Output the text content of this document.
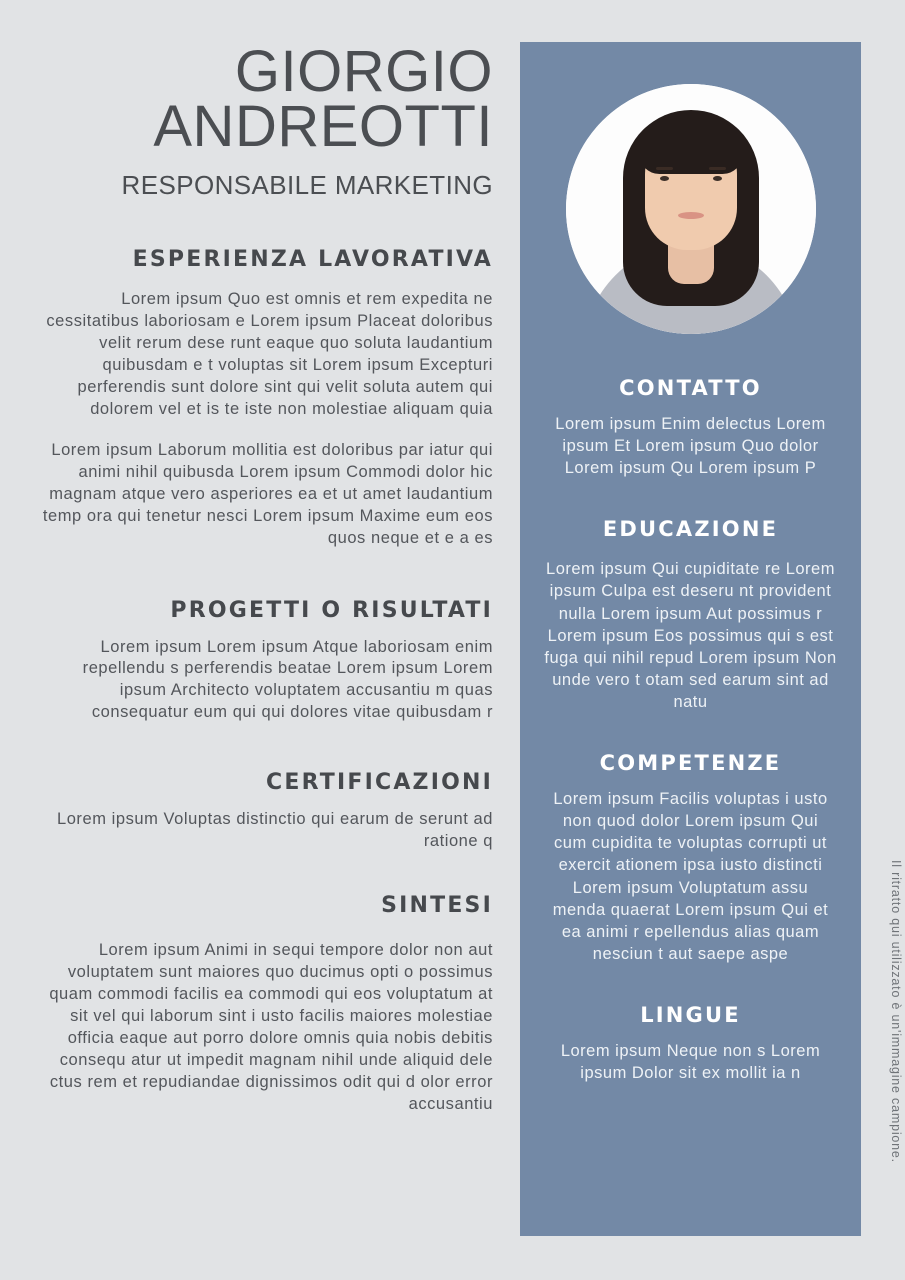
GIORGIO
ANDREOTTI
RESPONSABILE MARKETING
ESPERIENZA LAVORATIVA
Lorem ipsum Quo est omnis et rem expedita ne cessitatibus laboriosam e Lorem ipsum Placeat doloribus velit rerum dese runt eaque quo soluta laudantium quibusdam e t voluptas sit Lorem ipsum Excepturi perferendis sunt dolore sint qui velit soluta autem qui dolorem vel et is te iste non molestiae aliquam quia
Lorem ipsum Laborum mollitia est doloribus par iatur qui animi nihil quibusda Lorem ipsum Commodi dolor hic magnam atque vero asperiores ea et ut amet laudantium temp ora qui tenetur nesci Lorem ipsum Maxime eum eos quos neque et e a es
PROGETTI O RISULTATI
Lorem ipsum Lorem ipsum Atque laboriosam enim repellendu s perferendis beatae Lorem ipsum Lorem ipsum Architecto voluptatem accusantiu m quas consequatur eum qui qui dolores vitae quibusdam r
CERTIFICAZIONI
Lorem ipsum Voluptas distinctio qui earum de serunt ad ratione q
SINTESI
Lorem ipsum Animi in sequi tempore dolor non aut voluptatem sunt maiores quo ducimus opti o possimus quam commodi facilis ea commodi qui eos voluptatum at sit vel qui laborum sint i usto facilis maiores molestiae officia eaque aut porro dolore omnis quia nobis debitis consequ atur ut impedit magnam nihil unde aliquid dele ctus rem et repudiandae dignissimos odit qui d olor error accusantiu
CONTATTO
Lorem ipsum Enim delectus Lorem ipsum Et Lorem ipsum Quo dolor Lorem ipsum Qu Lorem ipsum P
EDUCAZIONE
Lorem ipsum Qui cupiditate re Lorem ipsum Culpa est deseru nt provident nulla Lorem ipsum Aut possimus r Lorem ipsum Eos possimus qui s est fuga qui nihil repud Lorem ipsum Non unde vero t otam sed earum sint ad natu
COMPETENZE
Lorem ipsum Facilis voluptas i usto non quod dolor Lorem ipsum Qui cum cupidita te voluptas corrupti ut exercit ationem ipsa iusto distincti Lorem ipsum Voluptatum assu menda quaerat Lorem ipsum Qui et ea animi r epellendus alias quam nesciun t aut saepe aspe
LINGUE
Lorem ipsum Neque non s Lorem ipsum Dolor sit ex mollit ia n	Il ritratto qui utilizzato è un'immagine campione.
